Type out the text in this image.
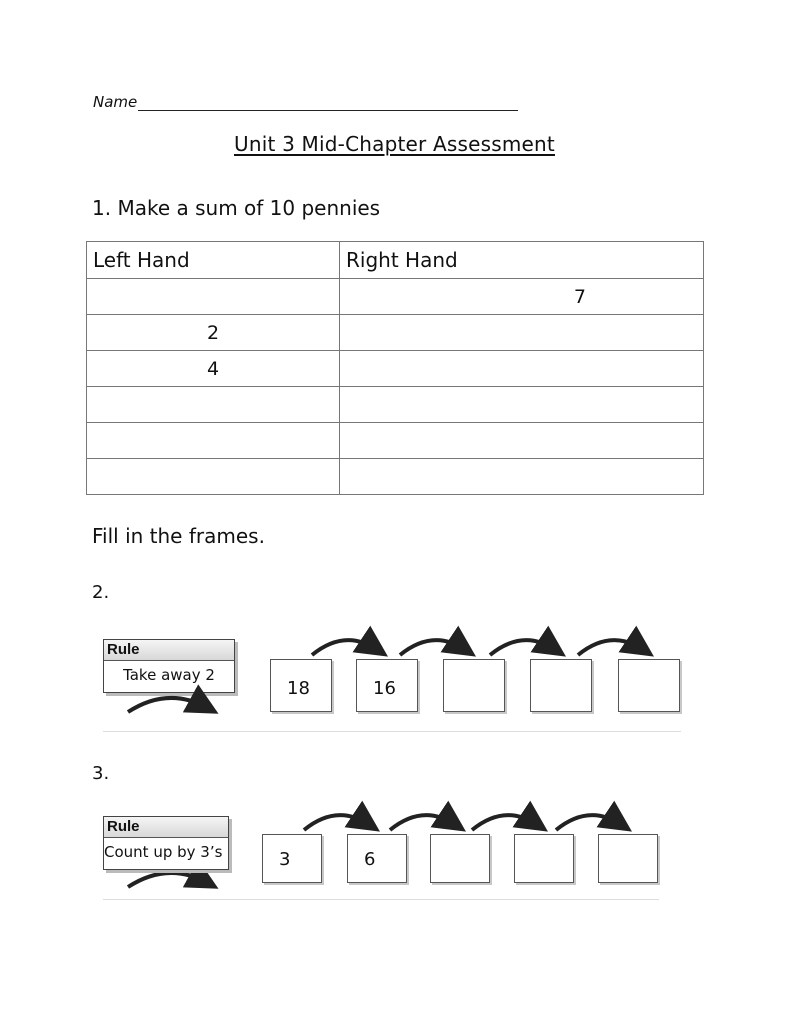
Name
Unit 3 Mid-Chapter Assessment
1. Make a sum of 10 pennies
Left Hand	Right Hand
	7
2	
4	

Fill in the frames.
2.
Rule
Take away 2
18	16
3.
Rule
Count up by 3’s	3	6
